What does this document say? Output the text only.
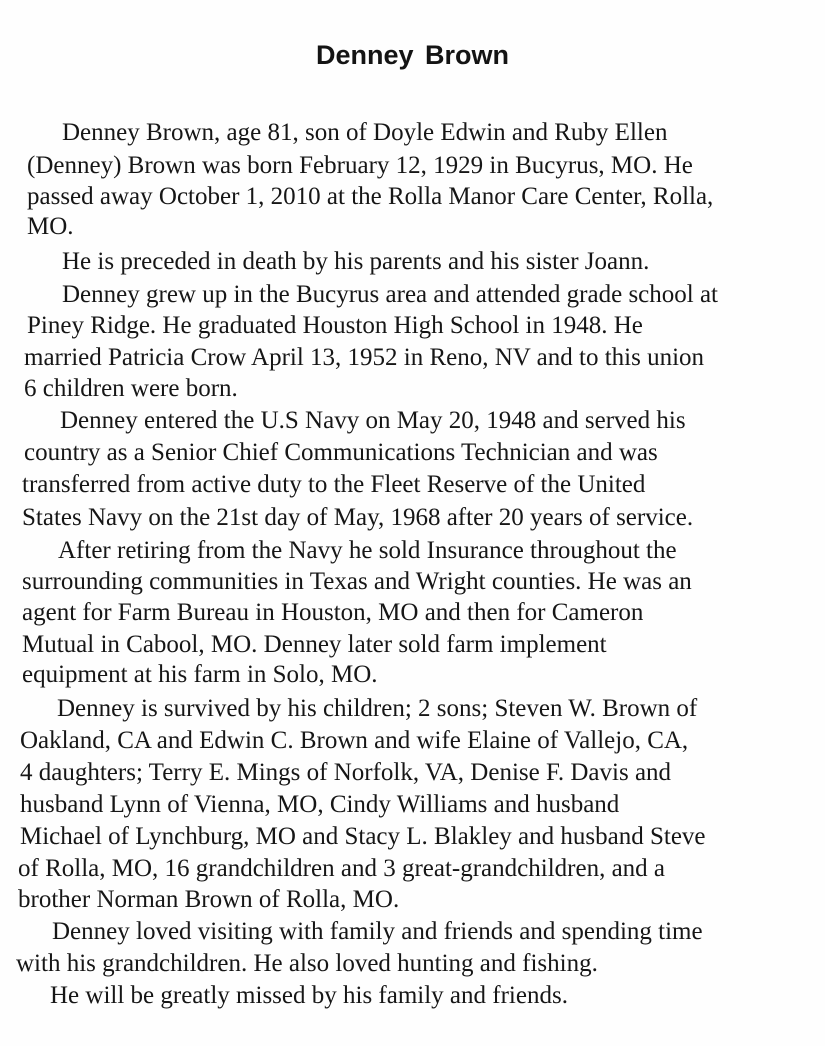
Denney Brown

Denney Brown, age 81, son of Doyle Edwin and Ruby Ellen

(Denney) Brown was born February 12, 1929 in Bucyrus, MO. He

passed away October 1, 2010 at the Rolla Manor Care Center, Rolla,

MO.

He is preceded in death by his parents and his sister Joann.

Denney grew up in the Bucyrus area and attended grade school at

Piney Ridge. He graduated Houston High School in 1948. He

married Patricia Crow April 13, 1952 in Reno, NV and to this union

6 children were born.

Denney entered the U.S Navy on May 20, 1948 and served his

country as a Senior Chief Communications Technician and was

transferred from active duty to the Fleet Reserve of the United

States Navy on the 21st day of May, 1968 after 20 years of service.

After retiring from the Navy he sold Insurance throughout the

surrounding communities in Texas and Wright counties. He was an

agent for Farm Bureau in Houston, MO and then for Cameron

Mutual in Cabool, MO. Denney later sold farm implement

equipment at his farm in Solo, MO.

Denney is survived by his children; 2 sons; Steven W. Brown of

Oakland, CA and Edwin C. Brown and wife Elaine of Vallejo, CA,

4 daughters; Terry E. Mings of Norfolk, VA, Denise F. Davis and

husband Lynn of Vienna, MO, Cindy Williams and husband

Michael of Lynchburg, MO and Stacy L. Blakley and husband Steve

of Rolla, MO, 16 grandchildren and 3 great-grandchildren, and a

brother Norman Brown of Rolla, MO.

Denney loved visiting with family and friends and spending time

with his grandchildren. He also loved hunting and fishing.

He will be greatly missed by his family and friends.
